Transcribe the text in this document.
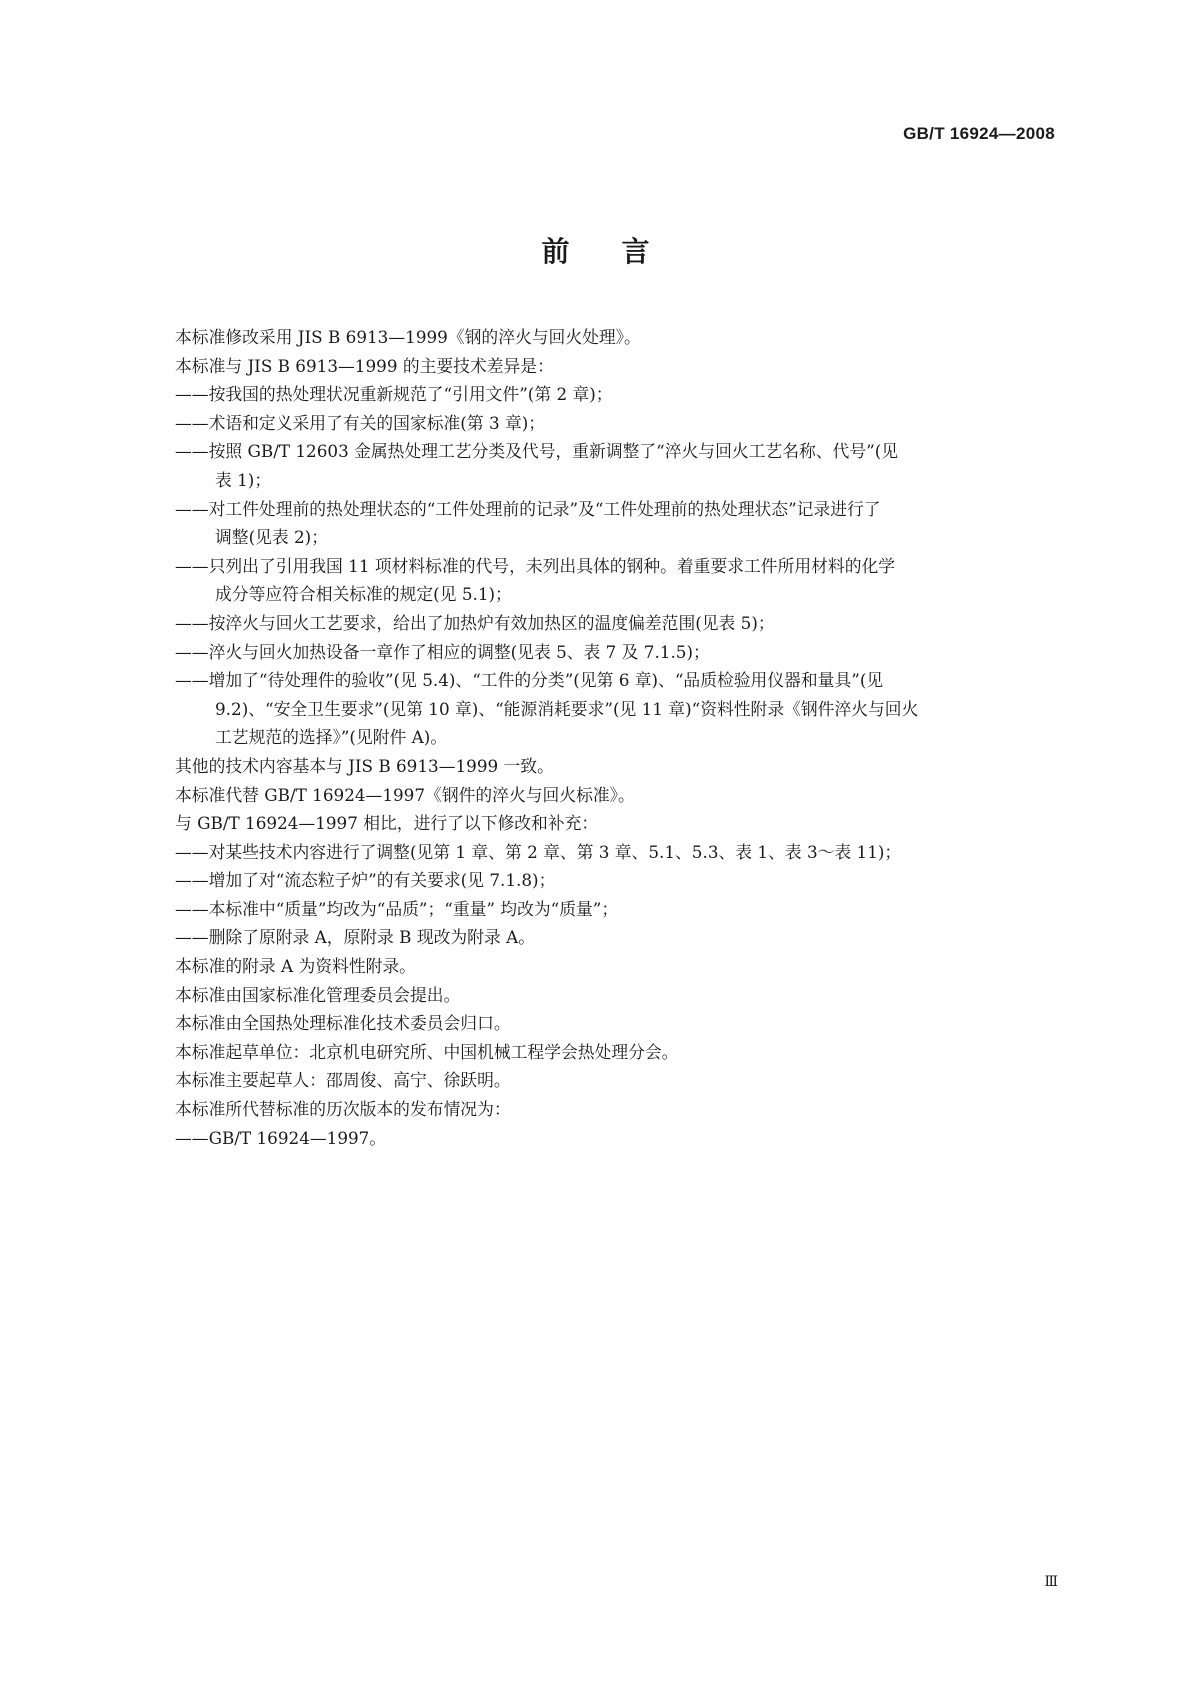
GB/T 16924—2008
前言
本标准修改采用 JIS B 6913—1999《钢的淬火与回火处理》。
本标准与 JIS B 6913—1999 的主要技术差异是：
——按我国的热处理状况重新规范了“引用文件”(第 2 章)；
——术语和定义采用了有关的国家标准(第 3 章)；
——按照 GB/T 12603 金属热处理工艺分类及代号，重新调整了“淬火与回火工艺名称、代号”(见
表 1)；
——对工件处理前的热处理状态的“工件处理前的记录”及“工件处理前的热处理状态”记录进行了
调整(见表 2)；
——只列出了引用我国 11 项材料标准的代号，未列出具体的钢种。着重要求工件所用材料的化学
成分等应符合相关标准的规定(见 5.1)；
——按淬火与回火工艺要求，给出了加热炉有效加热区的温度偏差范围(见表 5)；
——淬火与回火加热设备一章作了相应的调整(见表 5、表 7 及 7.1.5)；
——增加了“待处理件的验收”(见 5.4)、“工件的分类”(见第 6 章)、“品质检验用仪器和量具”(见
9.2)、“安全卫生要求”(见第 10 章)、“能源消耗要求”(见 11 章)“资料性附录《钢件淬火与回火
工艺规范的选择》”(见附件 A)。
其他的技术内容基本与 JIS B 6913—1999 一致。
本标准代替 GB/T 16924—1997《钢件的淬火与回火标准》。
与 GB/T 16924—1997 相比，进行了以下修改和补充：
——对某些技术内容进行了调整(见第 1 章、第 2 章、第 3 章、5.1、5.3、表 1、表 3～表 11)；
——增加了对“流态粒子炉”的有关要求(见 7.1.8)；
——本标准中“质量”均改为“品质”；“重量” 均改为“质量”；
——删除了原附录 A，原附录 B 现改为附录 A。
本标准的附录 A 为资料性附录。
本标准由国家标准化管理委员会提出。
本标准由全国热处理标准化技术委员会归口。
本标准起草单位：北京机电研究所、中国机械工程学会热处理分会。
本标准主要起草人：邵周俊、高宁、徐跃明。
本标准所代替标准的历次版本的发布情况为：
——GB/T 16924—1997。
Ⅲ
